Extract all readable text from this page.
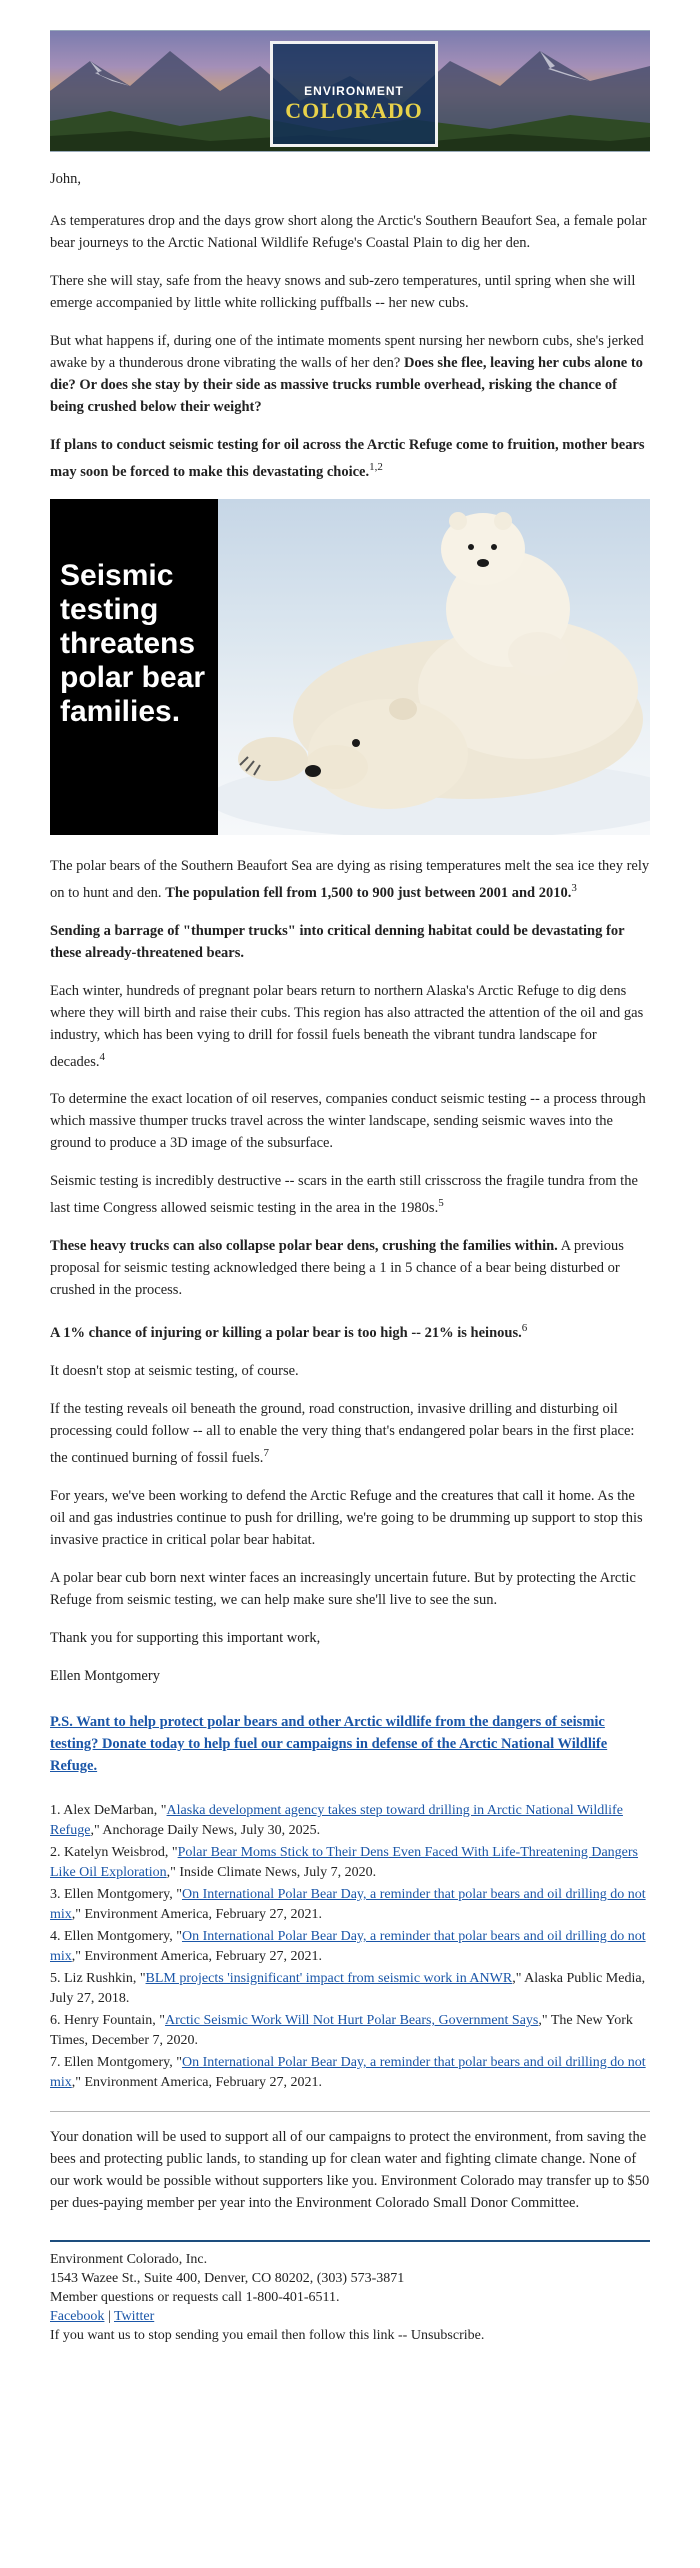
ENVIRONMENT
COLORADO

John,

As temperatures drop and the days grow short along the Arctic's Southern Beaufort Sea, a female polar bear journeys to the Arctic National Wildlife Refuge's Coastal Plain to dig her den.

There she will stay, safe from the heavy snows and sub-zero temperatures, until spring when she will emerge accompanied by little white rollicking puffballs -- her new cubs.

But what happens if, during one of the intimate moments spent nursing her newborn cubs, she's jerked awake by a thunderous drone vibrating the walls of her den? Does she flee, leaving her cubs alone to die? Or does she stay by their side as massive trucks rumble overhead, risking the chance of being crushed below their weight?

If plans to conduct seismic testing for oil across the Arctic Refuge come to fruition, mother bears may soon be forced to make this devastating choice.$^{1,2}$

Seismic
testing
threatens
polar bear
families.

The polar bears of the Southern Beaufort Sea are dying as rising temperatures melt the sea ice they rely on to hunt and den. The population fell from 1,500 to 900 just between 2001 and 2010.$^3$

Sending a barrage of "thumper trucks" into critical denning habitat could be devastating for these already-threatened bears.

Each winter, hundreds of pregnant polar bears return to northern Alaska's Arctic Refuge to dig dens where they will birth and raise their cubs. This region has also attracted the attention of the oil and gas industry, which has been vying to drill for fossil fuels beneath the vibrant tundra landscape for decades.$^4$

To determine the exact location of oil reserves, companies conduct seismic testing -- a process through which massive thumper trucks travel across the winter landscape, sending seismic waves into the ground to produce a 3D image of the subsurface.

Seismic testing is incredibly destructive -- scars in the earth still crisscross the fragile tundra from the last time Congress allowed seismic testing in the area in the 1980s.$^5$

These heavy trucks can also collapse polar bear dens, crushing the families within. A previous proposal for seismic testing acknowledged there being a 1 in 5 chance of a bear being disturbed or crushed in the process.

A 1% chance of injuring or killing a polar bear is too high -- 21% is heinous.$^6$

It doesn't stop at seismic testing, of course.

If the testing reveals oil beneath the ground, road construction, invasive drilling and disturbing oil processing could follow -- all to enable the very thing that's endangered polar bears in the first place: the continued burning of fossil fuels.$^7$

For years, we've been working to defend the Arctic Refuge and the creatures that call it home. As the oil and gas industries continue to push for drilling, we're going to be drumming up support to stop this invasive practice in critical polar bear habitat.

A polar bear cub born next winter faces an increasingly uncertain future. But by protecting the Arctic Refuge from seismic testing, we can help make sure she'll live to see the sun.

Thank you for supporting this important work,

Ellen Montgomery

P.S. Want to help protect polar bears and other Arctic wildlife from the dangers of seismic testing? Donate today to help fuel our campaigns in defense of the Arctic National Wildlife Refuge.

1. Alex DeMarban, "Alaska development agency takes step toward drilling in Arctic National Wildlife Refuge," Anchorage Daily News, July 30, 2025.
2. Katelyn Weisbrod, "Polar Bear Moms Stick to Their Dens Even Faced With Life-Threatening Dangers Like Oil Exploration," Inside Climate News, July 7, 2020.
3. Ellen Montgomery, "On International Polar Bear Day, a reminder that polar bears and oil drilling do not mix," Environment America, February 27, 2021.
4. Ellen Montgomery, "On International Polar Bear Day, a reminder that polar bears and oil drilling do not mix," Environment America, February 27, 2021.
5. Liz Rushkin, "BLM projects 'insignificant' impact from seismic work in ANWR," Alaska Public Media, July 27, 2018.
6. Henry Fountain, "Arctic Seismic Work Will Not Hurt Polar Bears, Government Says," The New York Times, December 7, 2020.
7. Ellen Montgomery, "On International Polar Bear Day, a reminder that polar bears and oil drilling do not mix," Environment America, February 27, 2021.

Your donation will be used to support all of our campaigns to protect the environment, from saving the bees and protecting public lands, to standing up for clean water and fighting climate change. None of our work would be possible without supporters like you. Environment Colorado may transfer up to $50 per dues-paying member per year into the Environment Colorado Small Donor Committee.

Environment Colorado, Inc.
1543 Wazee St., Suite 400, Denver, CO 80202, (303) 573-3871
Member questions or requests call 1-800-401-6511.
Facebook | Twitter
If you want us to stop sending you email then follow this link -- Unsubscribe.
